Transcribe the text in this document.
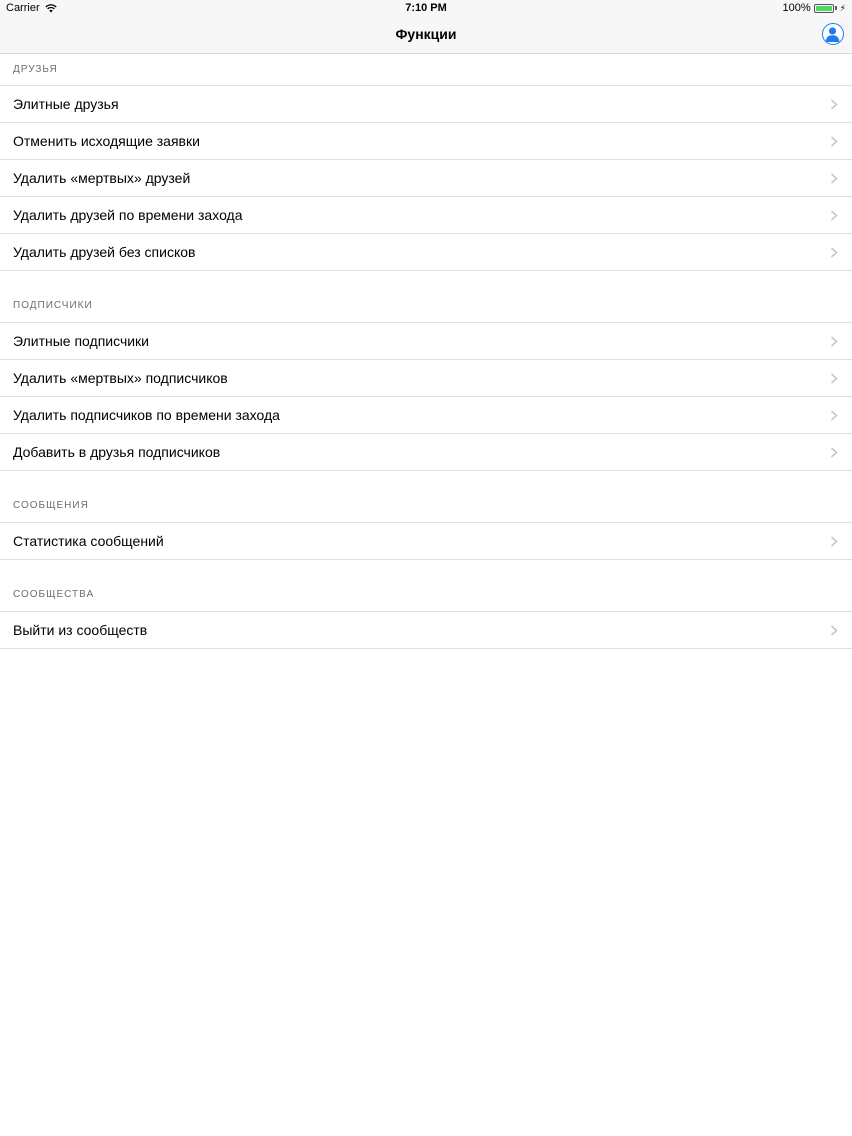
Carrier	7:10 PM	100%	⚡
Функции
ДРУЗЬЯ
Элитные друзья
Отменить исходящие заявки
Удалить «мертвых» друзей
Удалить друзей по времени захода
Удалить друзей без списков
ПОДПИСЧИКИ
Элитные подписчики
Удалить «мертвых» подписчиков
Удалить подписчиков по времени захода
Добавить в друзья подписчиков
СООБЩЕНИЯ
Статистика сообщений
СООБЩЕСТВА
Выйти из сообществ
